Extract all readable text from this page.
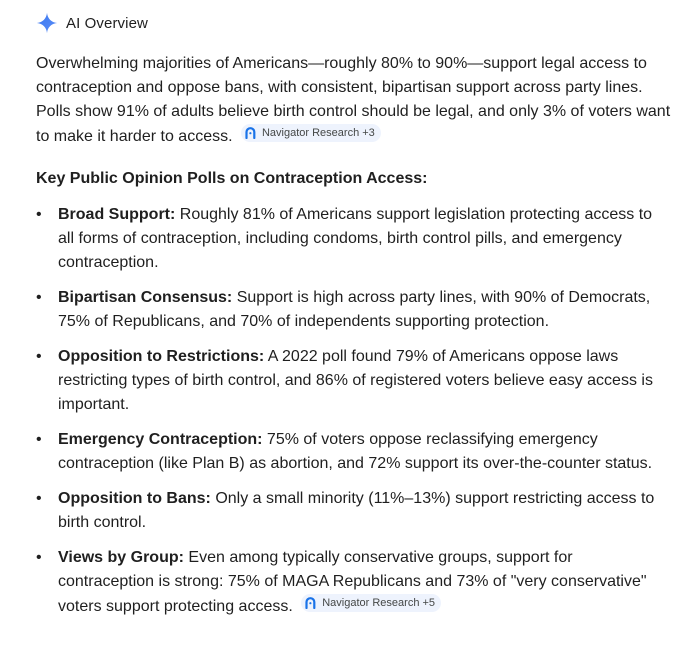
AI Overview
Overwhelming majorities of Americans—roughly 80% to 90%—support legal access to contraception and oppose bans, with consistent, bipartisan support across party lines. Polls show 91% of adults believe birth control should be legal, and only 3% of voters want to make it harder to access.	Navigator Research +3
Key Public Opinion Polls on Contraception Access:
•	Broad Support: Roughly 81% of Americans support legislation protecting access to all forms of contraception, including condoms, birth control pills, and emergency contraception.
•	Bipartisan Consensus: Support is high across party lines, with 90% of Democrats, 75% of Republicans, and 70% of independents supporting protection.
•	Opposition to Restrictions: A 2022 poll found 79% of Americans oppose laws restricting types of birth control, and 86% of registered voters believe easy access is important.
•	Emergency Contraception: 75% of voters oppose reclassifying emergency contraception (like Plan B) as abortion, and 72% support its over-the-counter status.
•	Opposition to Bans: Only a small minority (11%–13%) support restricting access to birth control.
•	Views by Group: Even among typically conservative groups, support for contraception is strong: 75% of MAGA Republicans and 73% of "very conservative" voters support protecting access.	Navigator Research +5
